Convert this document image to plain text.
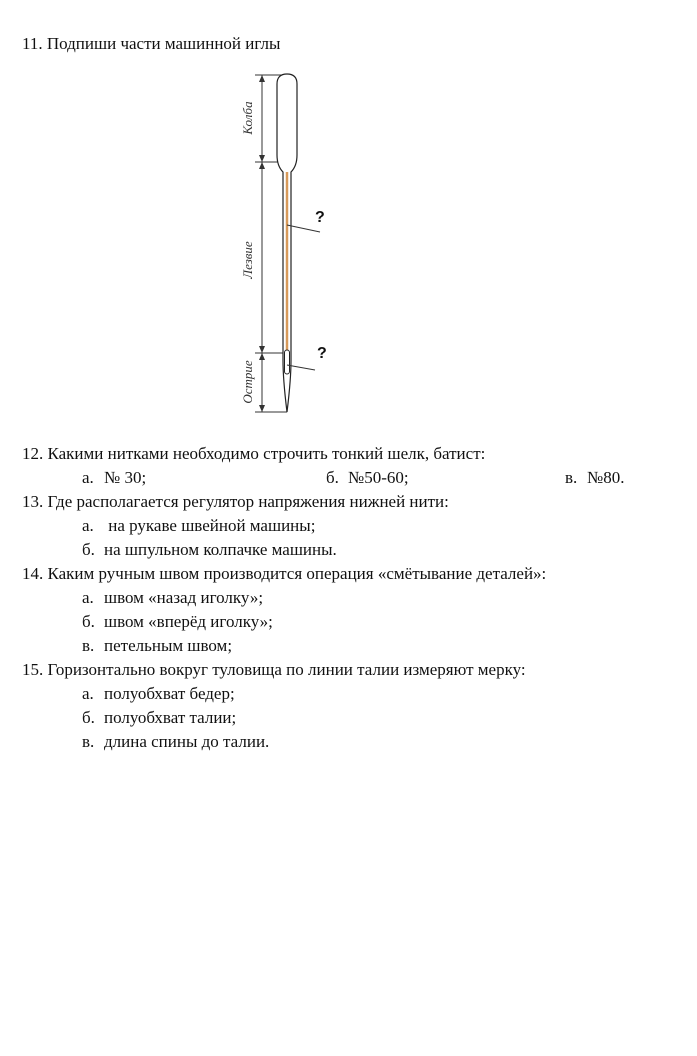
11. Подпиши части машинной иглы
Колба
Лезвие
Острие
?
?
12. Какими нитками необходимо строчить тонкий шелк, батист:
а. № 30;	б. №50-60;	в. №80.
13. Где располагается регулятор напряжения нижней нити:
а. на рукаве швейной машины;
б. на шпульном колпачке машины.
14. Каким ручным швом производится операция «смётывание деталей»:
а. швом «назад иголку»;
б. швом «вперёд иголку»;
в. петельным швом;
15. Горизонтально вокруг туловища по линии талии измеряют мерку:
а. полуобхват бедер;
б. полуобхват талии;
в. длина спины до талии.
